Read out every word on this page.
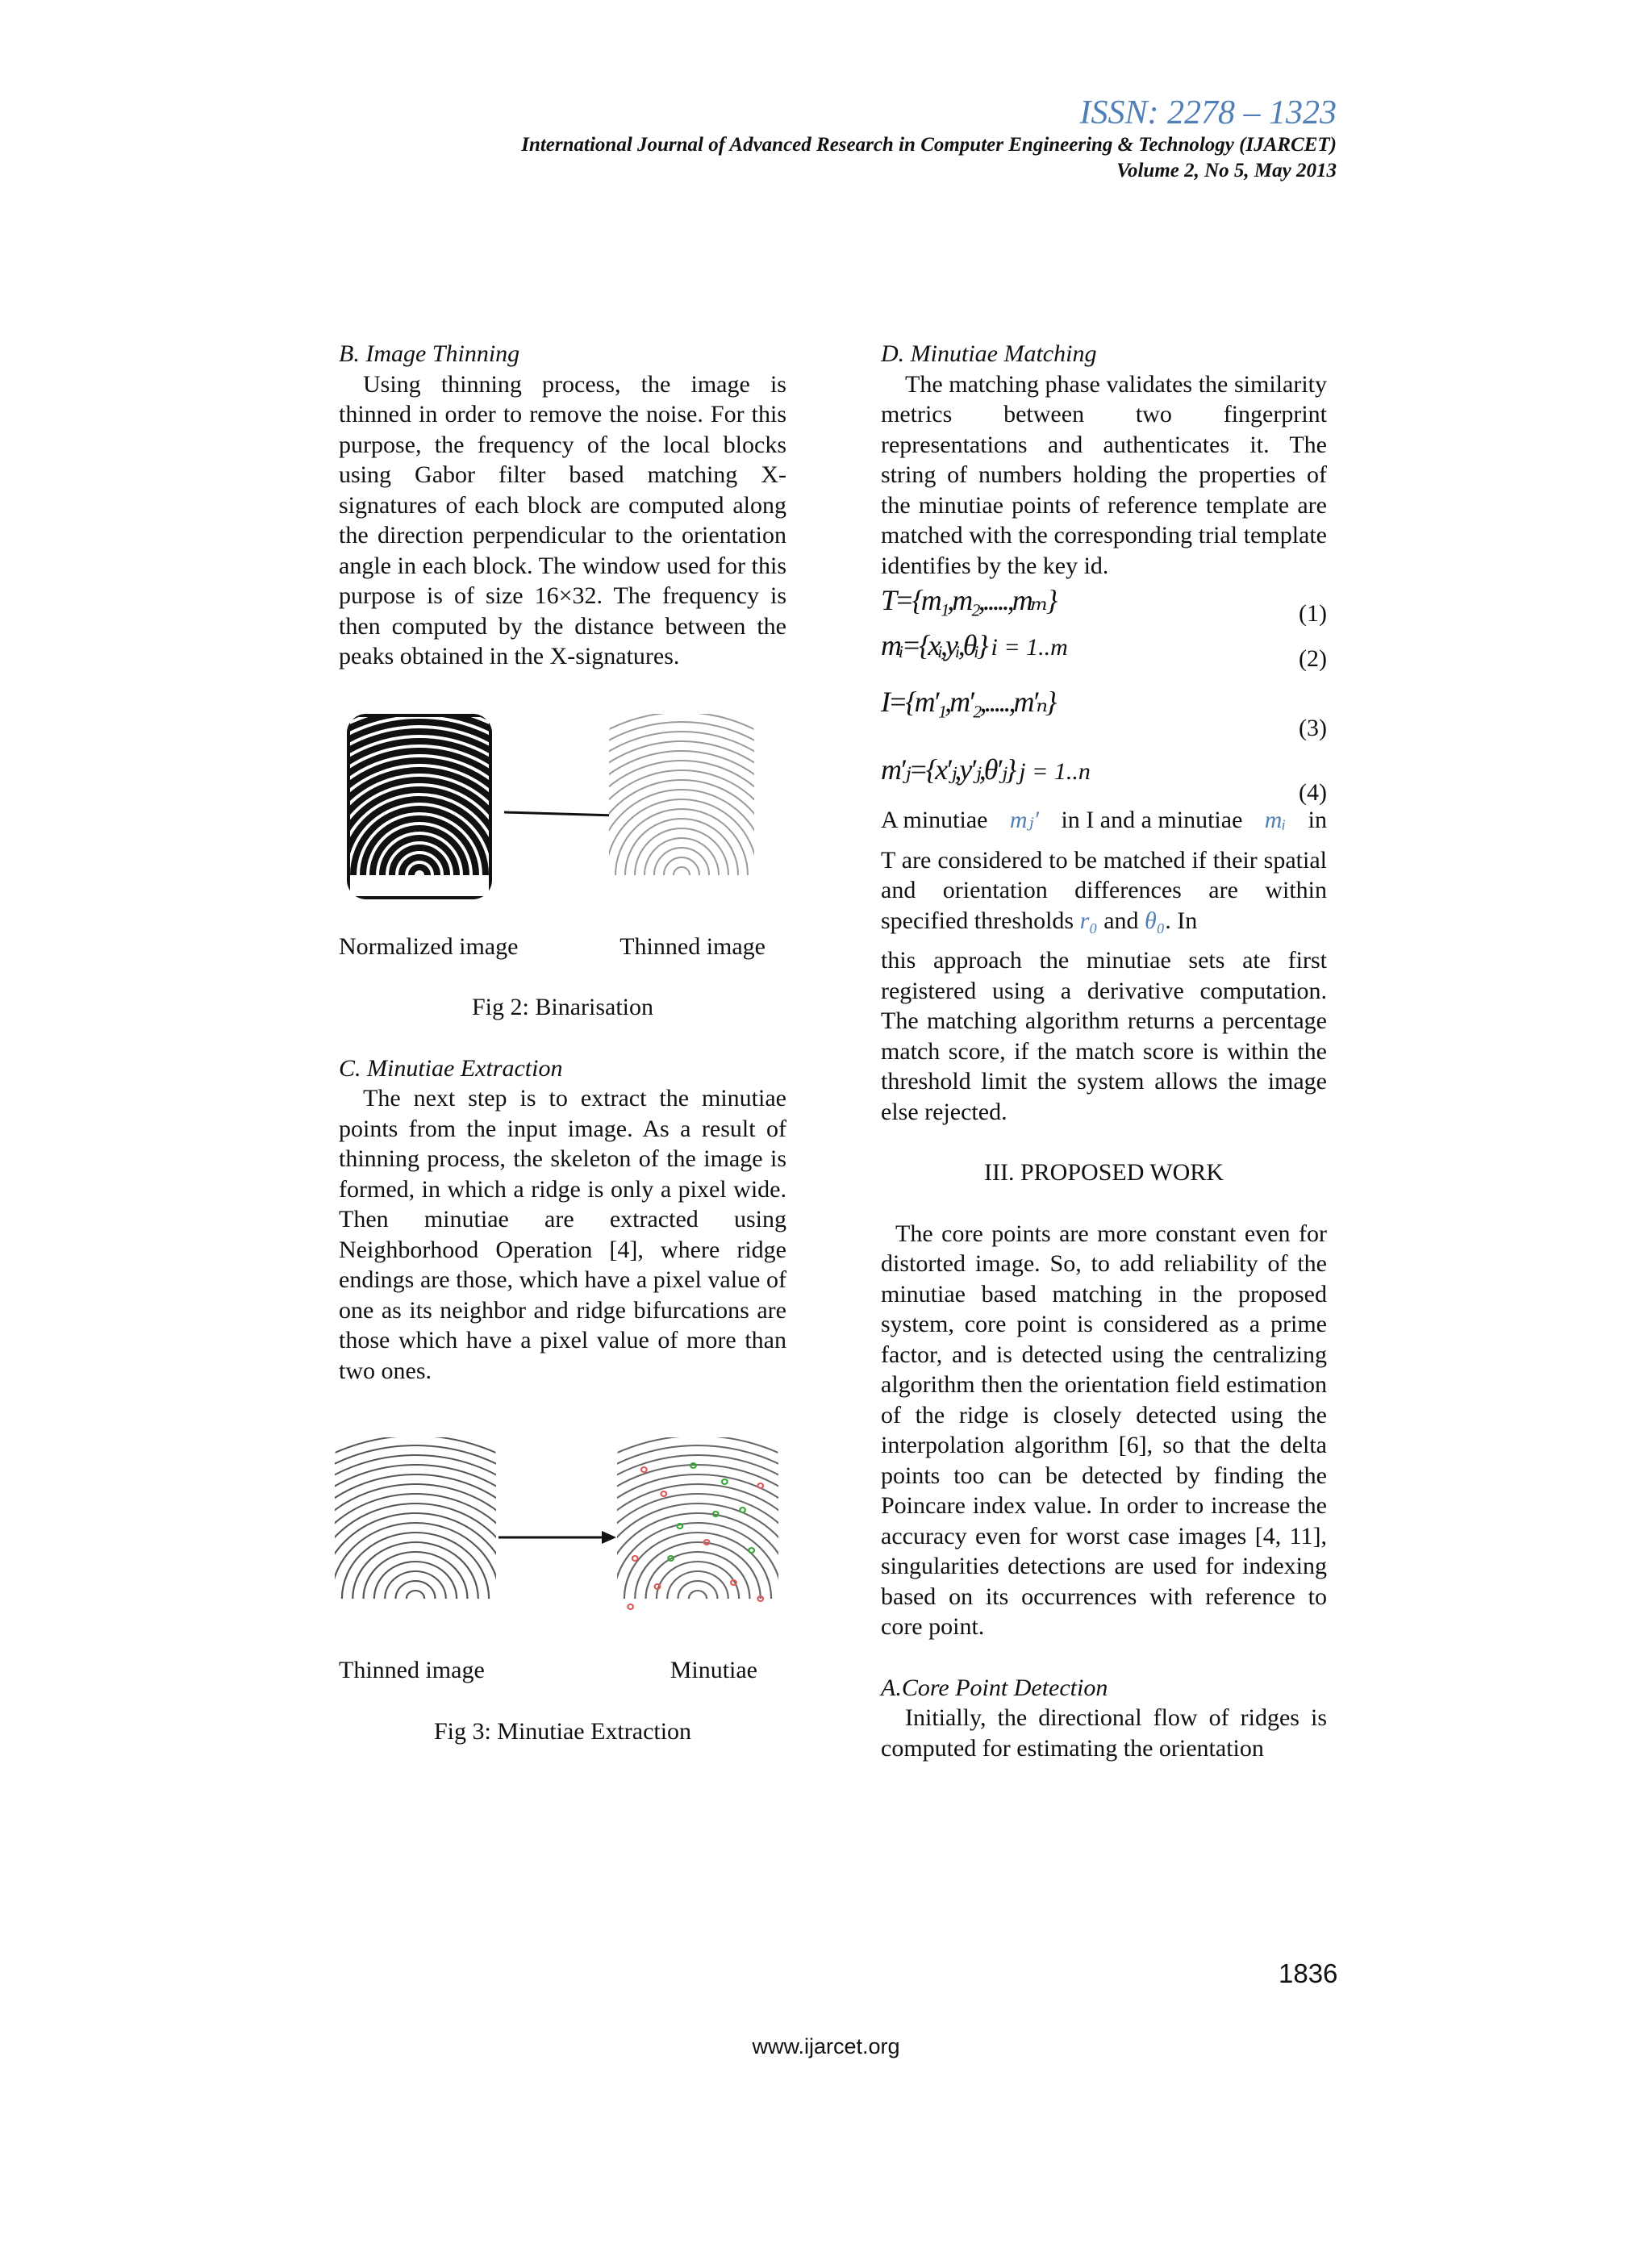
ISSN: 2278 – 1323
International Journal of Advanced Research in Computer Engineering & Technology (IJARCET)
Volume 2, No 5, May 2013

B. Image Thinning

Using thinning process, the image is thinned in order to remove the noise. For this purpose, the frequency of the local blocks using Gabor filter based matching X-signatures of each block are computed along the direction perpendicular to the orientation angle in each block. The window used for this purpose is of size 16×32. The frequency is then computed by the distance between the peaks obtained in the X-signatures.

Normalized image	Thinned image

Fig 2: Binarisation

C. Minutiae Extraction

The next step is to extract the minutiae points from the input image. As a result of thinning process, the skeleton of the image is formed, in which a ridge is only a pixel wide. Then minutiae are extracted using Neighborhood Operation [4], where ridge endings are those, which have a pixel value of one as its neighbor and ridge bifurcations are those which have a pixel value of more than two ones.

Thinned image	Minutiae

Fig 3: Minutiae Extraction

D. Minutiae Matching

The matching phase validates the similarity metrics between two fingerprint representations and authenticates it. The string of numbers holding the properties of the minutiae points of reference template are matched with the corresponding trial template identifies by the key id.

T={m₁,m₂,.....,mₘ}	(1)
mᵢ={xᵢ,yᵢ,θᵢ} i = 1..m	(2)
I={m′₁,m′₂,.....,m′ₙ}
(3)
m′ⱼ={x′ⱼ,y′ⱼ,θ′ⱼ} j = 1..n
(4)

A minutiae mⱼ′ in I and a minutiae mᵢ in

T are considered to be matched if their spatial and orientation differences are within specified thresholds r₀ and θ₀. In

this approach the minutiae sets ate first registered using a derivative computation. The matching algorithm returns a percentage match score, if the match score is within the threshold limit the system allows the image else rejected.

III. PROPOSED WORK

The core points are more constant even for distorted image. So, to add reliability of the minutiae based matching in the proposed system, core point is considered as a prime factor, and is detected using the centralizing algorithm then the orientation field estimation of the ridge is closely detected using the interpolation algorithm [6], so that the delta points too can be detected by finding the Poincare index value. In order to increase the accuracy even for worst case images [4, 11], singularities detections are used for indexing based on its occurrences with reference to core point.

A.Core Point Detection

Initially, the directional flow of ridges is computed for estimating the orientation

1836
www.ijarcet.org
